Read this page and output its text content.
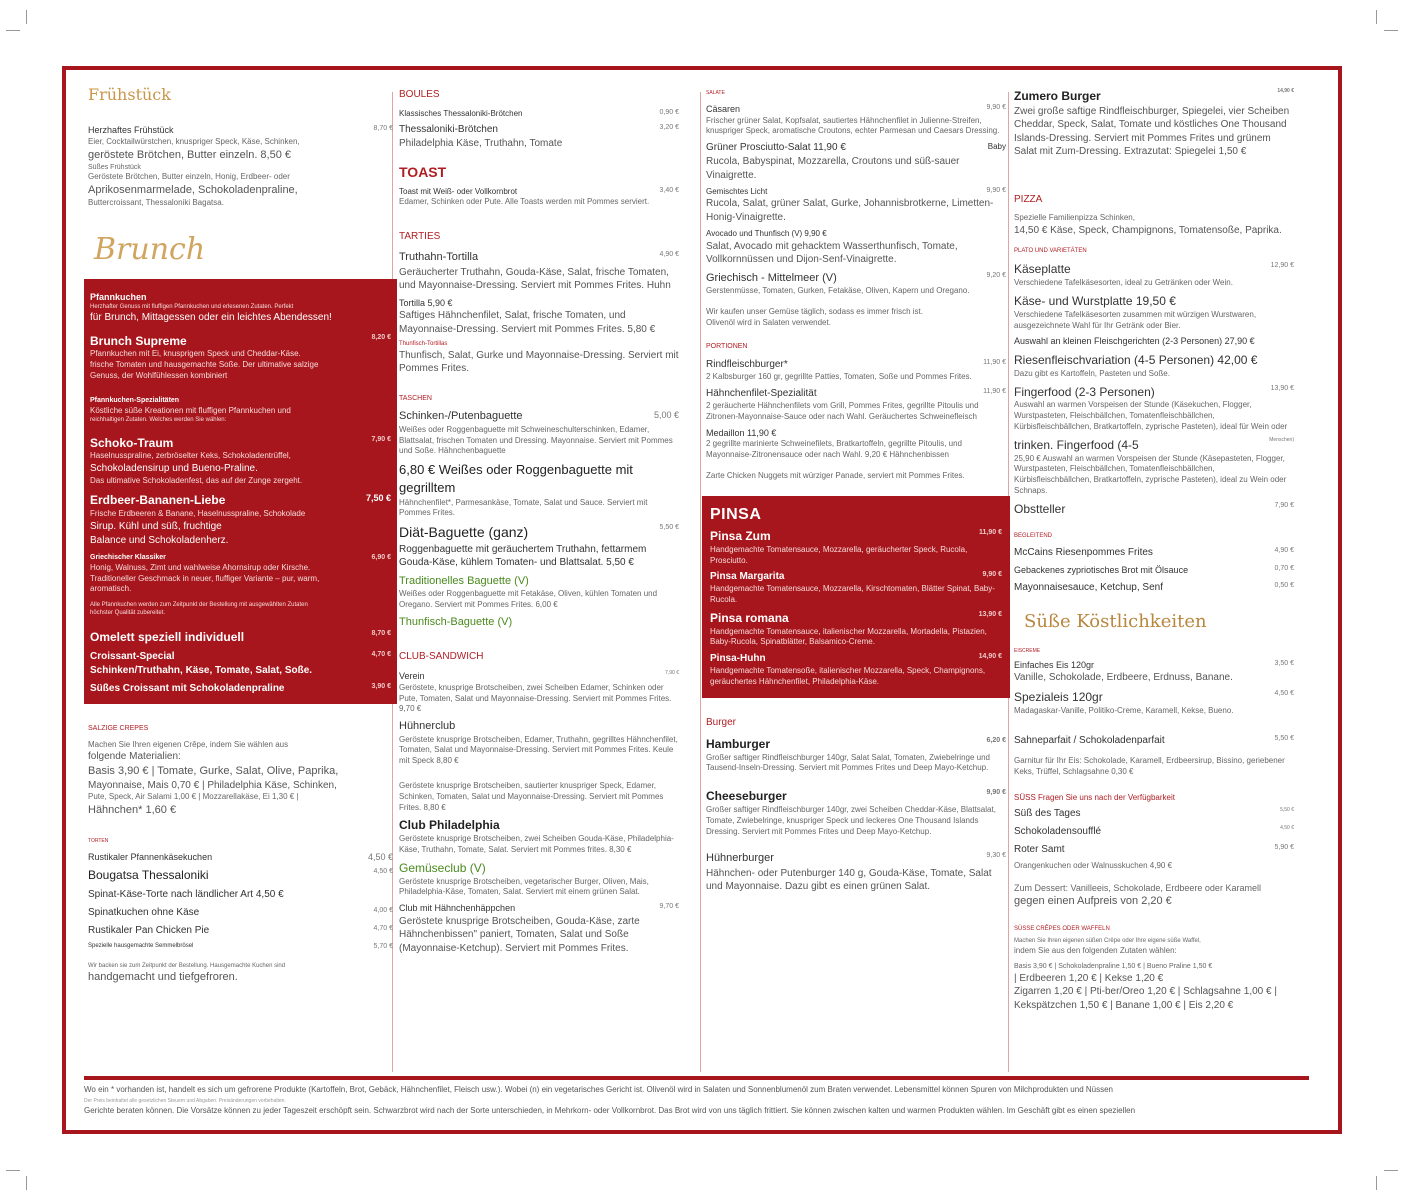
Frühstück
Herzhaftes Frühstück	8,70 €
Eier, Cocktailwürstchen, knuspriger Speck, Käse, Schinken,
geröstete Brötchen, Butter einzeln. 8,50 €
Süßes Frühstück
Geröstete Brötchen, Butter einzeln, Honig, Erdbeer- oder
Aprikosenmarmelade, Schokoladenpraline,
Buttercroissant, Thessaloniki Bagatsa.
Brunch
Pfannkuchen
Herzhafter Genuss mit fluffigen Pfannkuchen und erlesenen Zutaten. Perfekt
für Brunch, Mittagessen oder ein leichtes Abendessen!
Brunch Supreme	8,20 €
Pfannkuchen mit Ei, knusprigem Speck und Cheddar-Käse.
frische Tomaten und hausgemachte Soße. Der ultimative salzige
Genuss, der Wohlfühlessen kombiniert
Pfannkuchen-Spezialitäten
Köstliche süße Kreationen mit fluffigen Pfannkuchen und
reichhaltigen Zutaten. Welches werden Sie wählen:
Schoko-Traum	7,90 €
Haselnusspraline, zerbröselter Keks, Schokoladentrüffel,
Schokoladensirup und Bueno-Praline.
Das ultimative Schokoladenfest, das auf der Zunge zergeht.
Erdbeer-Bananen-Liebe	7,50 €
Frische Erdbeeren & Banane, Haselnusspraline, Schokolade
Sirup. Kühl und süß, fruchtige
Balance und Schokoladenherz.
Griechischer Klassiker	6,90 €
Honig, Walnuss, Zimt und wahlweise Ahornsirup oder Kirsche.
Traditioneller Geschmack in neuer, fluffiger Variante – pur, warm,
aromatisch.
Alle Pfannkuchen werden zum Zeitpunkt der Bestellung mit ausgewählten Zutaten
höchster Qualität zubereitet.
Omelett speziell individuell	8,70 €
Croissant-Special	4,70 €
Schinken/Truthahn, Käse, Tomate, Salat, Soße.
Süßes Croissant mit Schokoladenpraline	3,90 €
SALZIGE CREPES
Machen Sie Ihren eigenen Crêpe, indem Sie wählen aus
folgende Materialien:
Basis 3,90 € | Tomate, Gurke, Salat, Olive, Paprika,
Mayonnaise, Mais 0,70 € | Philadelphia Käse, Schinken,
Pute, Speck, Air Salami 1,00 € | Mozzarellakäse, Ei 1,30 € |
Hähnchen* 1,60 €
TORTEN
Rustikaler Pfannenkäsekuchen	4,50 €
Bougatsa Thessaloniki	4,50 €
Spinat-Käse-Torte nach ländlicher Art 4,50 €
Spinatkuchen ohne Käse	4,00 €
Rustikaler Pan Chicken Pie	4,70 €
Spezielle hausgemachte Semmelbrösel	5,70 €
Wir backen sie zum Zeitpunkt der Bestellung. Hausgemachte Kuchen sind
handgemacht und tiefgefroren.
BOULES
Klassisches Thessaloniki-Brötchen	0,90 €
Thessaloniki-Brötchen	3,20 €
Philadelphia Käse, Truthahn, Tomate
TOAST
Toast mit Weiß- oder Vollkornbrot	3,40 €
Edamer, Schinken oder Pute. Alle Toasts werden mit Pommes serviert.
TARTIES
Truthahn-Tortilla	4,90 €
Geräucherter Truthahn, Gouda-Käse, Salat, frische Tomaten, und Mayonnaise-Dressing. Serviert mit Pommes Frites. Huhn
Tortilla 5,90 €
Saftiges Hähnchenfilet, Salat, frische Tomaten, und Mayonnaise-Dressing. Serviert mit Pommes Frites. 5,80 €
Thunfisch-Tortillas
Thunfisch, Salat, Gurke und Mayonnaise-Dressing. Serviert mit Pommes Frites.
TASCHEN
Schinken-/Putenbaguette	5,00 €
Weißes oder Roggenbaguette mit Schweineschulterschinken, Edamer, Blattsalat, frischen Tomaten und Dressing. Mayonnaise. Serviert mit Pommes und Soße. Hähnchenbaguette
6,80 € Weißes oder Roggenbaguette mit gegrilltem
Hähnchenfilet*, Parmesankäse, Tomate, Salat und Sauce. Serviert mit Pommes Frites.
Diät-Baguette (ganz)	5,50 €
Roggenbaguette mit geräuchertem Truthahn, fettarmem Gouda-Käse, kühlem Tomaten- und Blattsalat. 5,50 €
Traditionelles Baguette (V)
Weißes oder Roggenbaguette mit Fetakäse, Oliven, kühlen Tomaten und Oregano. Serviert mit Pommes Frites. 6,00 €
Thunfisch-Baguette (V)
CLUB-SANDWICH
Verein	7,90 €
Geröstete, knusprige Brotscheiben, zwei Scheiben Edamer, Schinken oder Pute, Tomaten, Salat und Mayonnaise-Dressing. Serviert mit Pommes Frites. 9,70 €
Hühnerclub
Geröstete knusprige Brotscheiben, Edamer, Truthahn, gegrilltes Hähnchenfilet, Tomaten, Salat und Mayonnaise-Dressing. Serviert mit Pommes Frites. Keule mit Speck 8,80 €
Geröstete knusprige Brotscheiben, sautierter knuspriger Speck, Edamer, Schinken, Tomaten, Salat und Mayonnaise-Dressing. Serviert mit Pommes Frites. 8,80 €
Club Philadelphia
Geröstete knusprige Brotscheiben, zwei Scheiben Gouda-Käse, Philadelphia-Käse, Truthahn, Tomate, Salat. Serviert mit Pommes frites. 8,30 €
Gemüseclub (V)
Geröstete knusprige Brotscheiben, vegetarischer Burger, Oliven, Mais, Philadelphia-Käse, Tomaten, Salat. Serviert mit einem grünen Salat.
Club mit Hähnchenhäppchen	9,70 €
Geröstete knusprige Brotscheiben, Gouda-Käse, zarte Hähnchenbissen" paniert, Tomaten, Salat und Soße (Mayonnaise-Ketchup). Serviert mit Pommes Frites.
SALATE
Cäsaren	9,90 €
Frischer grüner Salat, Kopfsalat, sautiertes Hähnchenfilet in Julienne-Streifen, knuspriger Speck, aromatische Croutons, echter Parmesan und Caesars Dressing.
Grüner Prosciutto-Salat 11,90 €	Baby
Rucola, Babyspinat, Mozzarella, Croutons und süß-sauer Vinaigrette.
Gemischtes Licht	9,90 €
Rucola, Salat, grüner Salat, Gurke, Johannisbrotkerne, Limetten-Honig-Vinaigrette.
Avocado und Thunfisch (V) 9,90 €
Salat, Avocado mit gehacktem Wasserthunfisch, Tomate, Vollkornnüssen und Dijon-Senf-Vinaigrette.
Griechisch - Mittelmeer (V)	9,20 €
Gerstenmüsse, Tomaten, Gurken, Fetakäse, Oliven, Kapern und Oregano.
Wir kaufen unser Gemüse täglich, sodass es immer frisch ist.
Olivenöl wird in Salaten verwendet.
PORTIONEN
Rindfleischburger*	11,90 €
2 Kalbsburger 160 gr, gegrillte Patties, Tomaten, Soße und Pommes Frites.
Hähnchenfilet-Spezialität	11,90 €
2 geräucherte Hähnchenfilets vom Grill, Pommes Frites, gegrillte Pitoulis und Zitronen-Mayonnaise-Sauce oder nach Wahl. Geräuchertes Schweinefleisch
Medaillon 11,90 €
2 gegrillte marinierte Schweinefilets, Bratkartoffeln, gegrillte Pitoulis, und Mayonnaise-Zitronensauce oder nach Wahl. 9,20 € Hähnchenbissen
Zarte Chicken Nuggets mit würziger Panade, serviert mit Pommes Frites.
PINSA
Pinsa Zum	11,90 €
Handgemachte Tomatensauce, Mozzarella, geräucherter Speck, Rucola, Prosciutto.
Pinsa Margarita	9,90 €
Handgemachte Tomatensauce, Mozzarella, Kirschtomaten, Blätter Spinat, Baby-Rucola.
Pinsa romana	13,90 €
Handgemachte Tomatensauce, italienischer Mozzarella, Mortadella, Pistazien, Baby-Rucola, Spinatblätter, Balsamico-Creme.
Pinsa-Huhn	14,90 €
Handgemachte Tomatensoße, italienischer Mozzarella, Speck, Champignons, geräuchertes Hähnchenfilet, Philadelphia-Käse.
Burger
Hamburger	6,20 €
Großer saftiger Rindfleischburger 140gr, Salat Salat, Tomaten, Zwiebelringe und Tausend-Inseln-Dressing. Serviert mit Pommes Frites und Deep Mayo-Ketchup.
Cheeseburger	9,90 €
Großer saftiger Rindfleischburger 140gr, zwei Scheiben Cheddar-Käse, Blattsalat, Tomate, Zwiebelringe, knuspriger Speck und leckeres One Thousand Islands Dressing. Serviert mit Pommes Frites und Deep Mayo-Ketchup.
Hühnerburger	9,30 €
Hähnchen- oder Putenburger 140 g, Gouda-Käse, Tomate, Salat und Mayonnaise. Dazu gibt es einen grünen Salat.
Zumero Burger	14,90 €
Zwei große saftige Rindfleischburger, Spiegelei, vier Scheiben Cheddar, Speck, Salat, Tomate und köstliches One Thousand Islands-Dressing. Serviert mit Pommes Frites und grünem Salat mit Zum-Dressing. Extrazutat: Spiegelei 1,50 €
PIZZA
Spezielle Familienpizza Schinken,
14,50 € Käse, Speck, Champignons, Tomatensoße, Paprika.
PLATO UND VARIETÄTEN
Käseplatte	12,90 €
Verschiedene Tafelkäsesorten, ideal zu Getränken oder Wein.
Käse- und Wurstplatte 19,50 €
Verschiedene Tafelkäsesorten zusammen mit würzigen Wurstwaren, ausgezeichnete Wahl für Ihr Getränk oder Bier.
Auswahl an kleinen Fleischgerichten (2-3 Personen) 27,90 €
Riesenfleischvariation (4-5 Personen) 42,00 €
Dazu gibt es Kartoffeln, Pasteten und Soße.
Fingerfood (2-3 Personen)	13,90 €
Auswahl an warmen Vorspeisen der Stunde (Käsekuchen, Flogger, Wurstpasteten, Fleischbällchen, Tomatenfleischbällchen, Kürbisfleischbällchen, Bratkartoffeln, zyprische Pasteten), ideal für Wein oder
trinken. Fingerfood (4-5	Menschen)
25,90 € Auswahl an warmen Vorspeisen der Stunde (Käsepasteten, Flogger, Wurstpasteten, Fleischbällchen, Tomatenfleischbällchen, Kürbisfleischbällchen, Bratkartoffeln, zyprische Pasteten), ideal zu Wein oder Schnaps.
Obstteller	7,90 €
BEGLEITEND
McCains Riesenpommes Frites	4,90 €
Gebackenes zypriotisches Brot mit Ölsauce	0,70 €
Mayonnaisesauce, Ketchup, Senf	0,50 €
Süße Köstlichkeiten
EISCREME
Einfaches Eis 120gr	3,50 €
Vanille, Schokolade, Erdbeere, Erdnuss, Banane.
Spezialeis 120gr	4,50 €
Madagaskar-Vanille, Politiko-Creme, Karamell, Kekse, Bueno.
Sahneparfait / Schokoladenparfait	5,50 €
Garnitur für Ihr Eis: Schokolade, Karamell, Erdbeersirup, Bissino, geriebener Keks, Trüffel, Schlagsahne 0,30 €
SÜSS Fragen Sie uns nach der Verfügbarkeit
Süß des Tages	5,50 €
Schokoladensoufflé	4,50 €
Roter Samt	5,90 €
Orangenkuchen oder Walnusskuchen 4,90 €
Zum Dessert: Vanilleeis, Schokolade, Erdbeere oder Karamell
gegen einen Aufpreis von 2,20 €
SÜSSE CRÊPES ODER WAFFELN
Machen Sie Ihren eigenen süßen Crêpe oder Ihre eigene süße Waffel,
indem Sie aus den folgenden Zutaten wählen:
Basis 3,90 € | Schokoladenpraline 1,50 € | Bueno Praline 1,50 €
| Erdbeeren 1,20 € | Kekse 1,20 €
Zigarren 1,20 € | Pti-ber/Oreo 1,20 € | Schlagsahne 1,00 € |
Kekspätzchen 1,50 € | Banane 1,00 € | Eis 2,20 €
Wo ein * vorhanden ist, handelt es sich um gefrorene Produkte (Kartoffeln, Brot, Gebäck, Hähnchenfilet, Fleisch usw.). Wobei (n) ein vegetarisches Gericht ist. Olivenöl wird in Salaten und Sonnenblumenöl zum Braten verwendet. Lebensmittel können Spuren von Milchprodukten und Nüssen
Der Preis beinhaltet alle gesetzlichen Steuern und Abgaben. Preisänderungen vorbehalten.
Gerichte beraten können. Die Vorsätze können zu jeder Tageszeit erschöpft sein. Schwarzbrot wird nach der Sorte unterschieden, in Mehrkorn- oder Vollkornbrot. Das Brot wird von uns täglich frittiert. Sie können zwischen kalten und warmen Produkten wählen. Im Geschäft gibt es einen speziellen
